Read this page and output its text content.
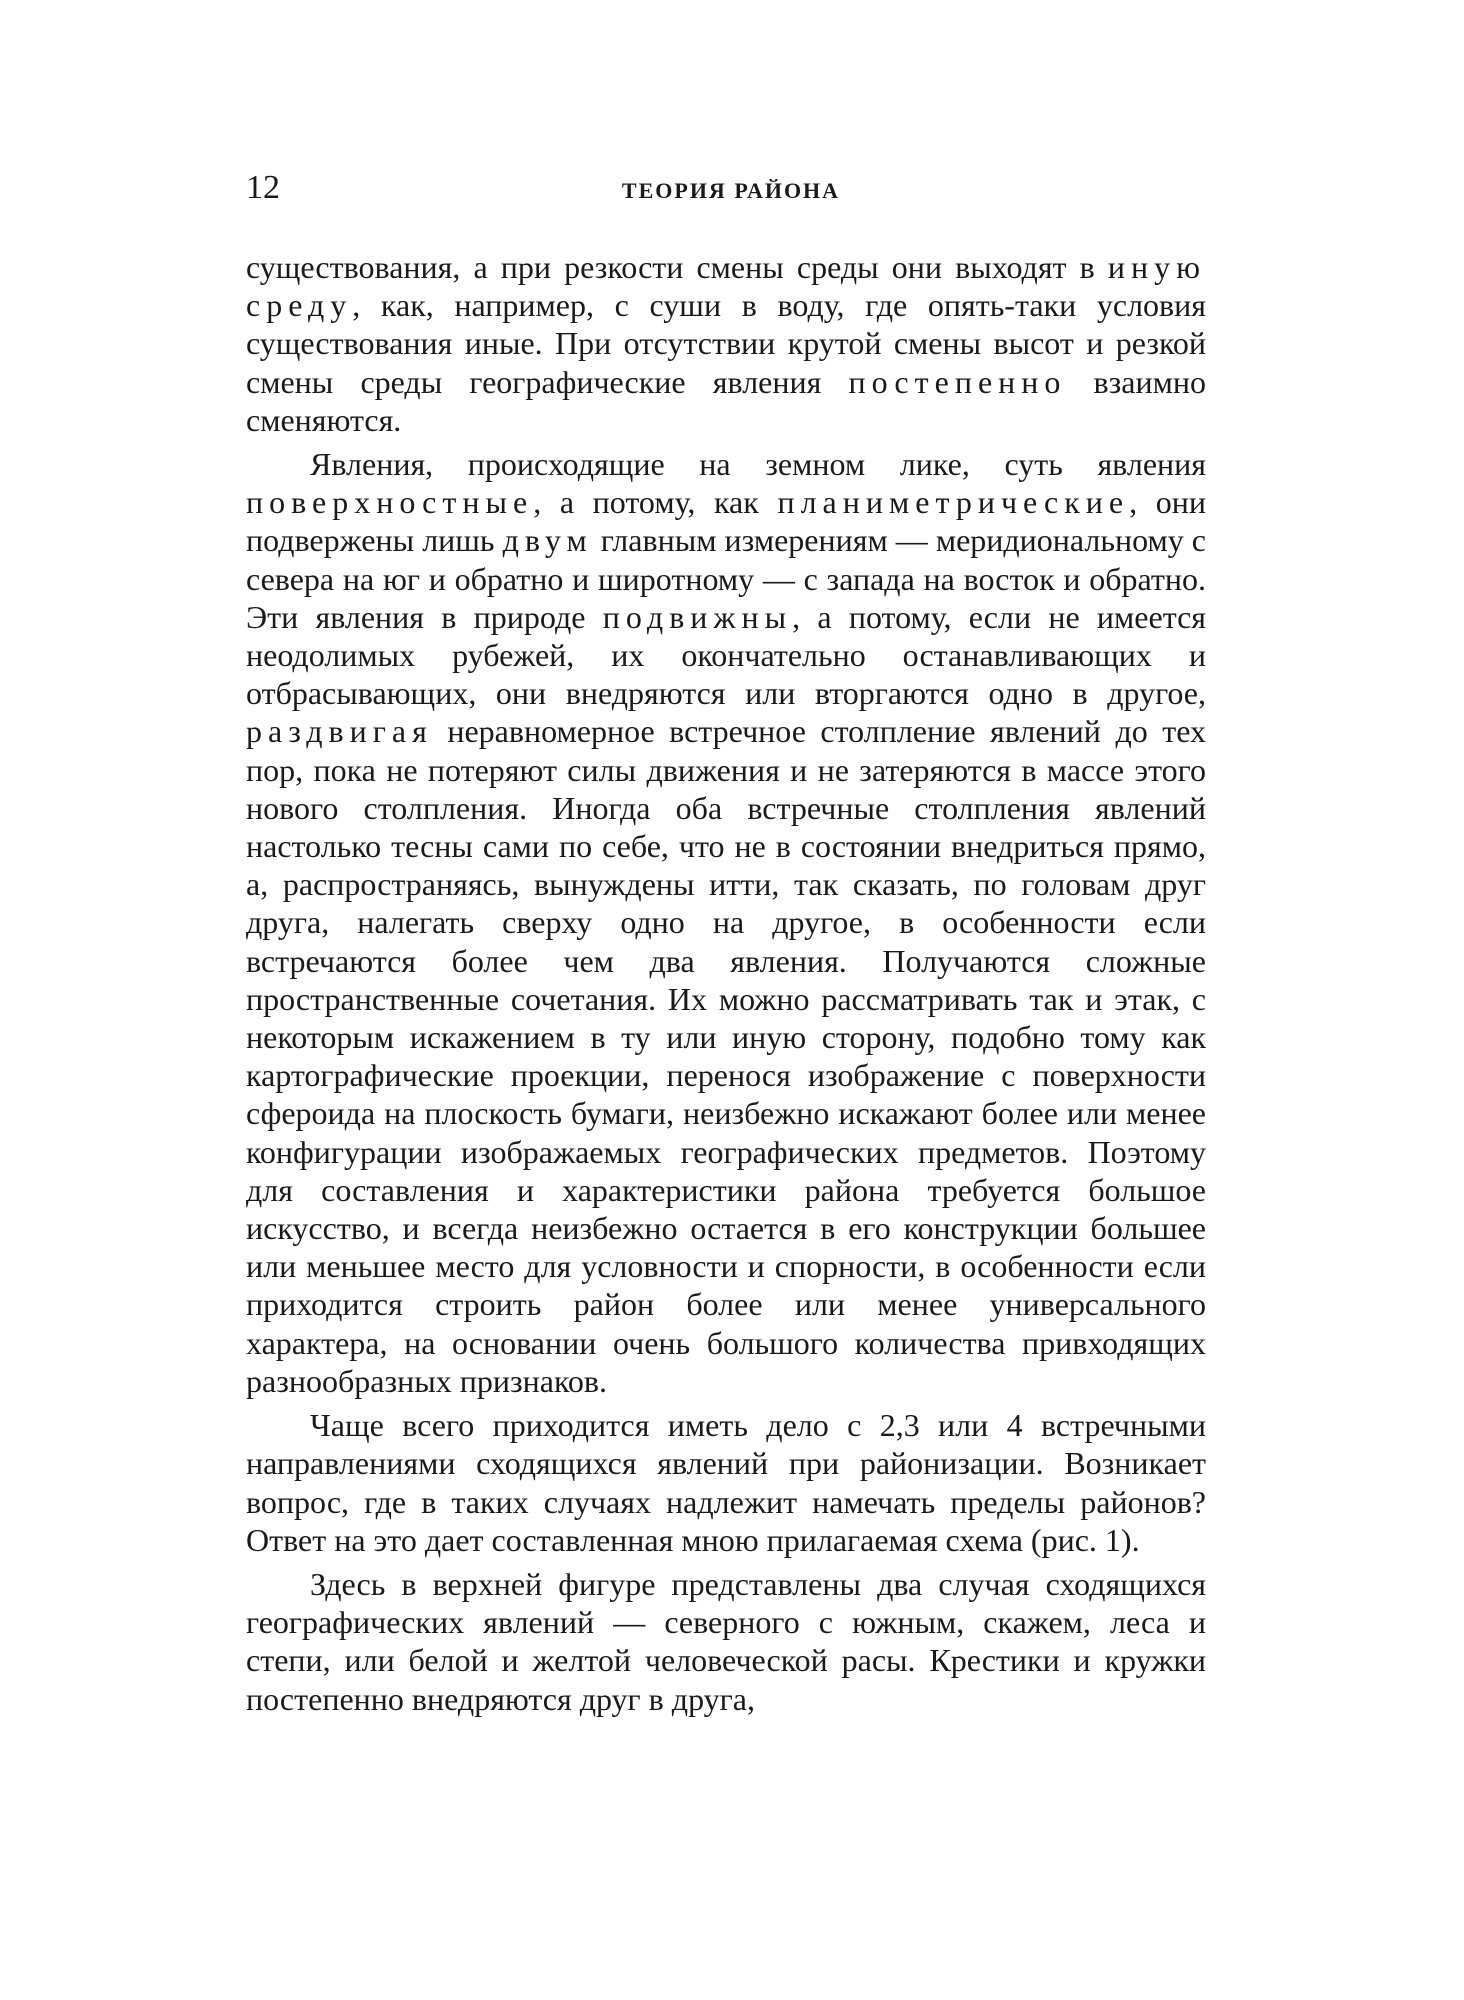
12	ТЕОРИЯ РАЙОНА

существования, а при резкости смены среды они выходят в иную среду, как, например, с суши в воду, где опять-таки условия существования иные. При отсутствии крутой смены высот и резкой смены среды географические явления постепенно взаимно сменяются.

Явления, происходящие на земном лике, суть явления поверхностные, а потому, как планиметрические, они подвержены лишь двум главным измерениям — меридиональному с севера на юг и обратно и широтному — с запада на восток и обратно. Эти явления в природе подвижны, а потому, если не имеется неодолимых рубежей, их окончательно останавливающих и отбрасывающих, они внедряются или вторгаются одно в другое, раздвигая неравномерное встречное столпление явлений до тех пор, пока не потеряют силы движения и не затеряются в массе этого нового столпления. Иногда оба встречные столпления явлений настолько тесны сами по себе, что не в состоянии внедриться прямо, а, распространяясь, вынуждены итти, так сказать, по головам друг друга, налегать сверху одно на другое, в особенности если встречаются более чем два явления. Получаются сложные пространственные сочетания. Их можно рассматривать так и этак, с некоторым искажением в ту или иную сторону, подобно тому как картографические проекции, перенося изображение с поверхности сфероида на плоскость бумаги, неизбежно искажают более или менее конфигурации изображаемых географических предметов. Поэтому для составления и характеристики района требуется большое искусство, и всегда неизбежно остается в его конструкции большее или меньшее место для условности и спорности, в особенности если приходится строить район более или менее универсального характера, на основании очень большого количества привходящих разнообразных признаков.

Чаще всего приходится иметь дело с 2,3 или 4 встречными направлениями сходящихся явлений при районизации. Возникает вопрос, где в таких случаях надлежит намечать пределы районов? Ответ на это дает составленная мною прилагаемая схема (рис. 1).

Здесь в верхней фигуре представлены два случая сходящихся географических явлений — северного с южным, скажем, леса и степи, или белой и желтой человеческой расы. Крестики и кружки постепенно внедряются друг в друга,
